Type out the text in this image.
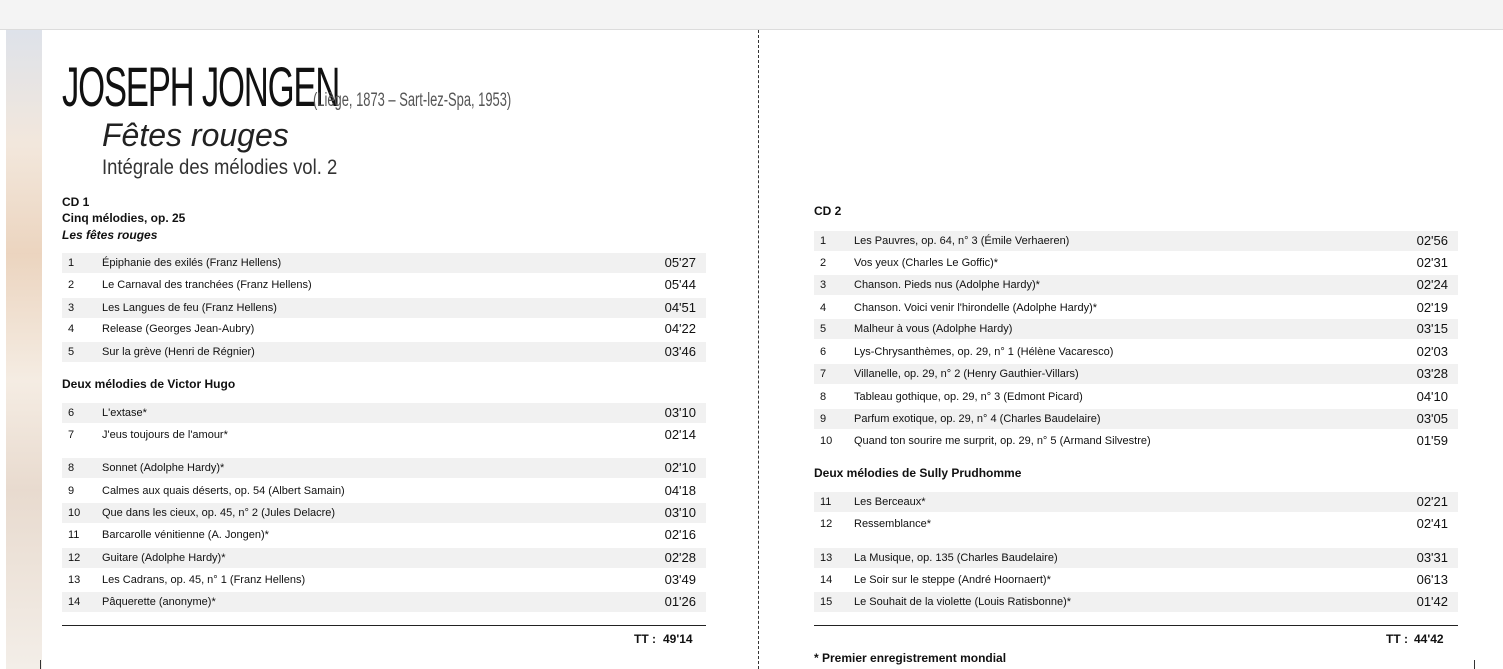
JOSEPH JONGEN
(Liège, 1873 – Sart-lez-Spa, 1953)
Fêtes rouges
Intégrale des mélodies vol. 2
CD 1
Cinq mélodies, op. 25
Les fêtes rouges
Deux mélodies de Victor Hugo
1	Épiphanie des exilés (Franz Hellens)	05'27
2	Le Carnaval des tranchées (Franz Hellens)	05'44
3	Les Langues de feu (Franz Hellens)	04'51
4	Release (Georges Jean-Aubry)	04'22
5	Sur la grève (Henri de Régnier)	03'46
6	L'extase*	03'10
7	J'eus toujours de l'amour*	02'14
8	Sonnet (Adolphe Hardy)*	02'10
9	Calmes aux quais déserts, op. 54 (Albert Samain)	04'18
10 Que dans les cieux, op. 45, n° 2 (Jules Delacre)	03'10
11 Barcarolle vénitienne (A. Jongen)*	02'16
12 Guitare (Adolphe Hardy)*	02'28
13 Les Cadrans, op. 45, n° 1 (Franz Hellens)	03'49
14 Pâquerette (anonyme)*	01'26
TT : 49'14
CD 2
1	Les Pauvres, op. 64, n° 3 (Émile Verhaeren)	02'56
2	Vos yeux (Charles Le Goffic)*	02'31
3	Chanson. Pieds nus (Adolphe Hardy)*	02'24
4	Chanson. Voici venir l'hirondelle (Adolphe Hardy)*	02'19
5	Malheur à vous (Adolphe Hardy)	03'15
6	Lys-Chrysanthèmes, op. 29, n° 1 (Hélène Vacaresco)	02'03
7	Villanelle, op. 29, n° 2 (Henry Gauthier-Villars)	03'28
8	Tableau gothique, op. 29, n° 3 (Edmont Picard)	04'10
9	Parfum exotique, op. 29, n° 4 (Charles Baudelaire)	03'05
10 Quand ton sourire me surprit, op. 29, n° 5 (Armand Silvestre)	01'59
Deux mélodies de Sully Prudhomme
11 Les Berceaux*	02'21
12 Ressemblance*	02'41
13 La Musique, op. 135 (Charles Baudelaire)	03'31
14 Le Soir sur le steppe (André Hoornaert)*	06'13
15 Le Souhait de la violette (Louis Ratisbonne)*	01'42
TT : 44'42
* Premier enregistrement mondial
